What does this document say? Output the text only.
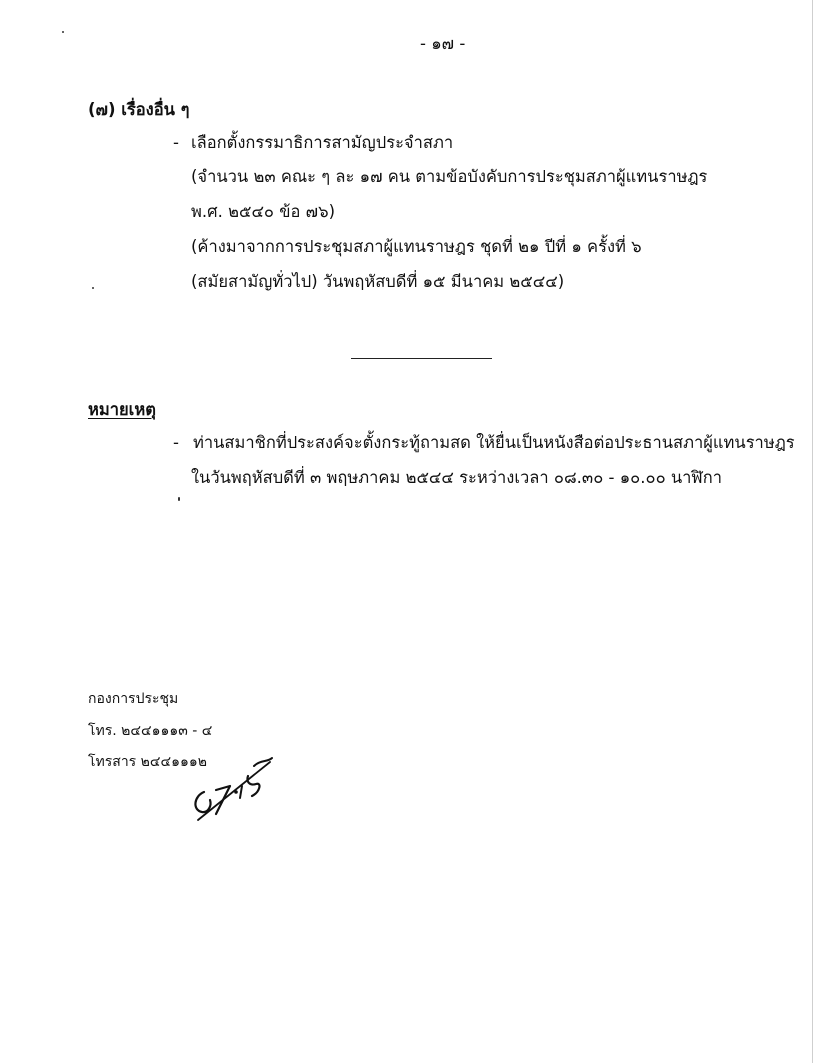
- ๑๗ -
(๗) เรื่องอื่น ๆ
- เลือกตั้งกรรมาธิการสามัญประจำสภา
(จำนวน ๒๓ คณะ ๆ ละ ๑๗ คน ตามข้อบังคับการประชุมสภาผู้แทนราษฎร
พ.ศ. ๒๕๔๐ ข้อ ๗๖)
(ค้างมาจากการประชุมสภาผู้แทนราษฎร ชุดที่ ๒๑ ปีที่ ๑ ครั้งที่ ๖
(สมัยสามัญทั่วไป) วันพฤหัสบดีที่ ๑๕ มีนาคม ๒๕๔๔)
หมายเหตุ
- ท่านสมาชิกที่ประสงค์จะตั้งกระทู้ถามสด ให้ยื่นเป็นหนังสือต่อประธานสภาผู้แทนราษฎร
ในวันพฤหัสบดีที่ ๓ พฤษภาคม ๒๕๔๔ ระหว่างเวลา ๐๘.๓๐ - ๑๐.๐๐ นาฬิกา
กองการประชุม
โทร. ๒๔๔๑๑๑๓ - ๔
โทรสาร ๒๔๔๑๑๑๒
